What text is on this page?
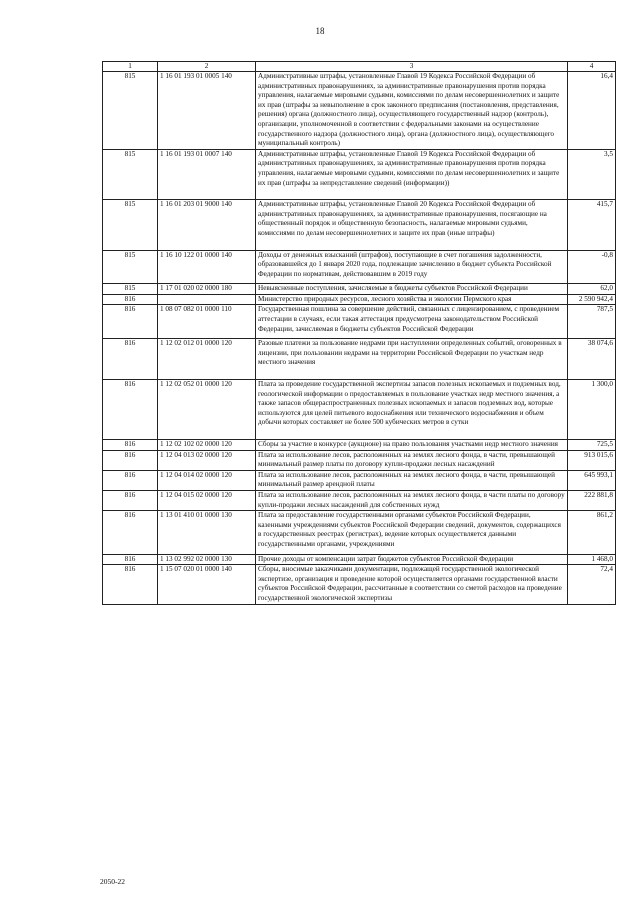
18
1	2	3	4
815	1 16 01 193 01 0005 140	Административные штрафы, установленные Главой 19 Кодекса Российской Федерации об административных правонарушениях, за административные правонарушения против порядка управления, налагаемые мировыми судьями, комиссиями по делам несовершеннолетних и защите их прав (штрафы за невыполнение в срок законного предписания (постановления, представления, решения) органа (должностного лица), осуществляющего государственный надзор (контроль), организации, уполномоченной в соответствии с федеральными законами на осуществление государственного надзора (должностного лица), органа (должностного лица), осуществляющего муниципальный контроль)	16,4
815	1 16 01 193 01 0007 140	Административные штрафы, установленные Главой 19 Кодекса Российской Федерации об административных правонарушениях, за административные правонарушения против порядка управления, налагаемые мировыми судьями, комиссиями по делам несовершеннолетних и защите их прав (штрафы за непредставление сведений (информации))	3,5
815	1 16 01 203 01 9000 140	Административные штрафы, установленные Главой 20 Кодекса Российской Федерации об административных правонарушениях, за административные правонарушения, посягающие на общественный порядок и общественную безопасность, налагаемые мировыми судьями, комиссиями по делам несовершеннолетних и защите их прав (иные штрафы)	415,7
815	1 16 10 122 01 0000 140	Доходы от денежных взысканий (штрафов), поступающие в счет погашения задолженности, образовавшейся до 1 января 2020 года, подлежащие зачислению в бюджет субъекта Российской Федерации по нормативам, действовавшим в 2019 году	-0,8
815	1 17 01 020 02 0000 180	Невыясненные поступления, зачисляемые в бюджеты субъектов Российской Федерации	62,0
816		Министерство природных ресурсов, лесного хозяйства и экологии Пермского края	2 590 942,4
816	1 08 07 082 01 0000 110	Государственная пошлина за совершение действий, связанных с лицензированием, с проведением аттестации в случаях, если такая аттестация предусмотрена законодательством Российской Федерации, зачисляемая в бюджеты субъектов Российской Федерации	787,5
816	1 12 02 012 01 0000 120	Разовые платежи за пользование недрами при наступлении определенных событий, оговоренных в лицензии, при пользовании недрами на территории Российской Федерации по участкам недр местного значения	38 074,6
816	1 12 02 052 01 0000 120	Плата за проведение государственной экспертизы запасов полезных ископаемых и подземных вод, геологической информации о предоставляемых в пользование участках недр местного значения, а также запасов общераспространенных полезных ископаемых и запасов подземных вод, которые используются для целей питьевого водоснабжения или технического водоснабжения и объем добычи которых составляет не более 500 кубических метров в сутки	1 300,0
816	1 12 02 102 02 0000 120	Сборы за участие в конкурсе (аукционе) на право пользования участками недр местного значения	725,5
816	1 12 04 013 02 0000 120	Плата за использование лесов, расположенных на землях лесного фонда, в части, превышающей минимальный размер платы по договору купли-продажи лесных насаждений	913 015,6
816	1 12 04 014 02 0000 120	Плата за использование лесов, расположенных на землях лесного фонда, в части, превышающей минимальный размер арендной платы	645 993,1
816	1 12 04 015 02 0000 120	Плата за использование лесов, расположенных на землях лесного фонда, в части платы по договору купли-продажи лесных насаждений для собственных нужд	222 881,8
816	1 13 01 410 01 0000 130	Плата за предоставление государственными органами субъектов Российской Федерации, казенными учреждениями субъектов Российской Федерации сведений, документов, содержащихся в государственных реестрах (регистрах), ведение которых осуществляется данными государственными органами, учреждениями	861,2
816	1 13 02 992 02 0000 130	Прочие доходы от компенсации затрат бюджетов субъектов Российской Федерации	1 468,0
816	1 15 07 020 01 0000 140	Сборы, вносимые заказчиками документации, подлежащей государственной экологической экспертизе, организация и проведение которой осуществляется органами государственной власти субъектов Российской Федерации, рассчитанные в соответствии со сметой расходов на проведение государственной экологической экспертизы	72,4
2050-22
